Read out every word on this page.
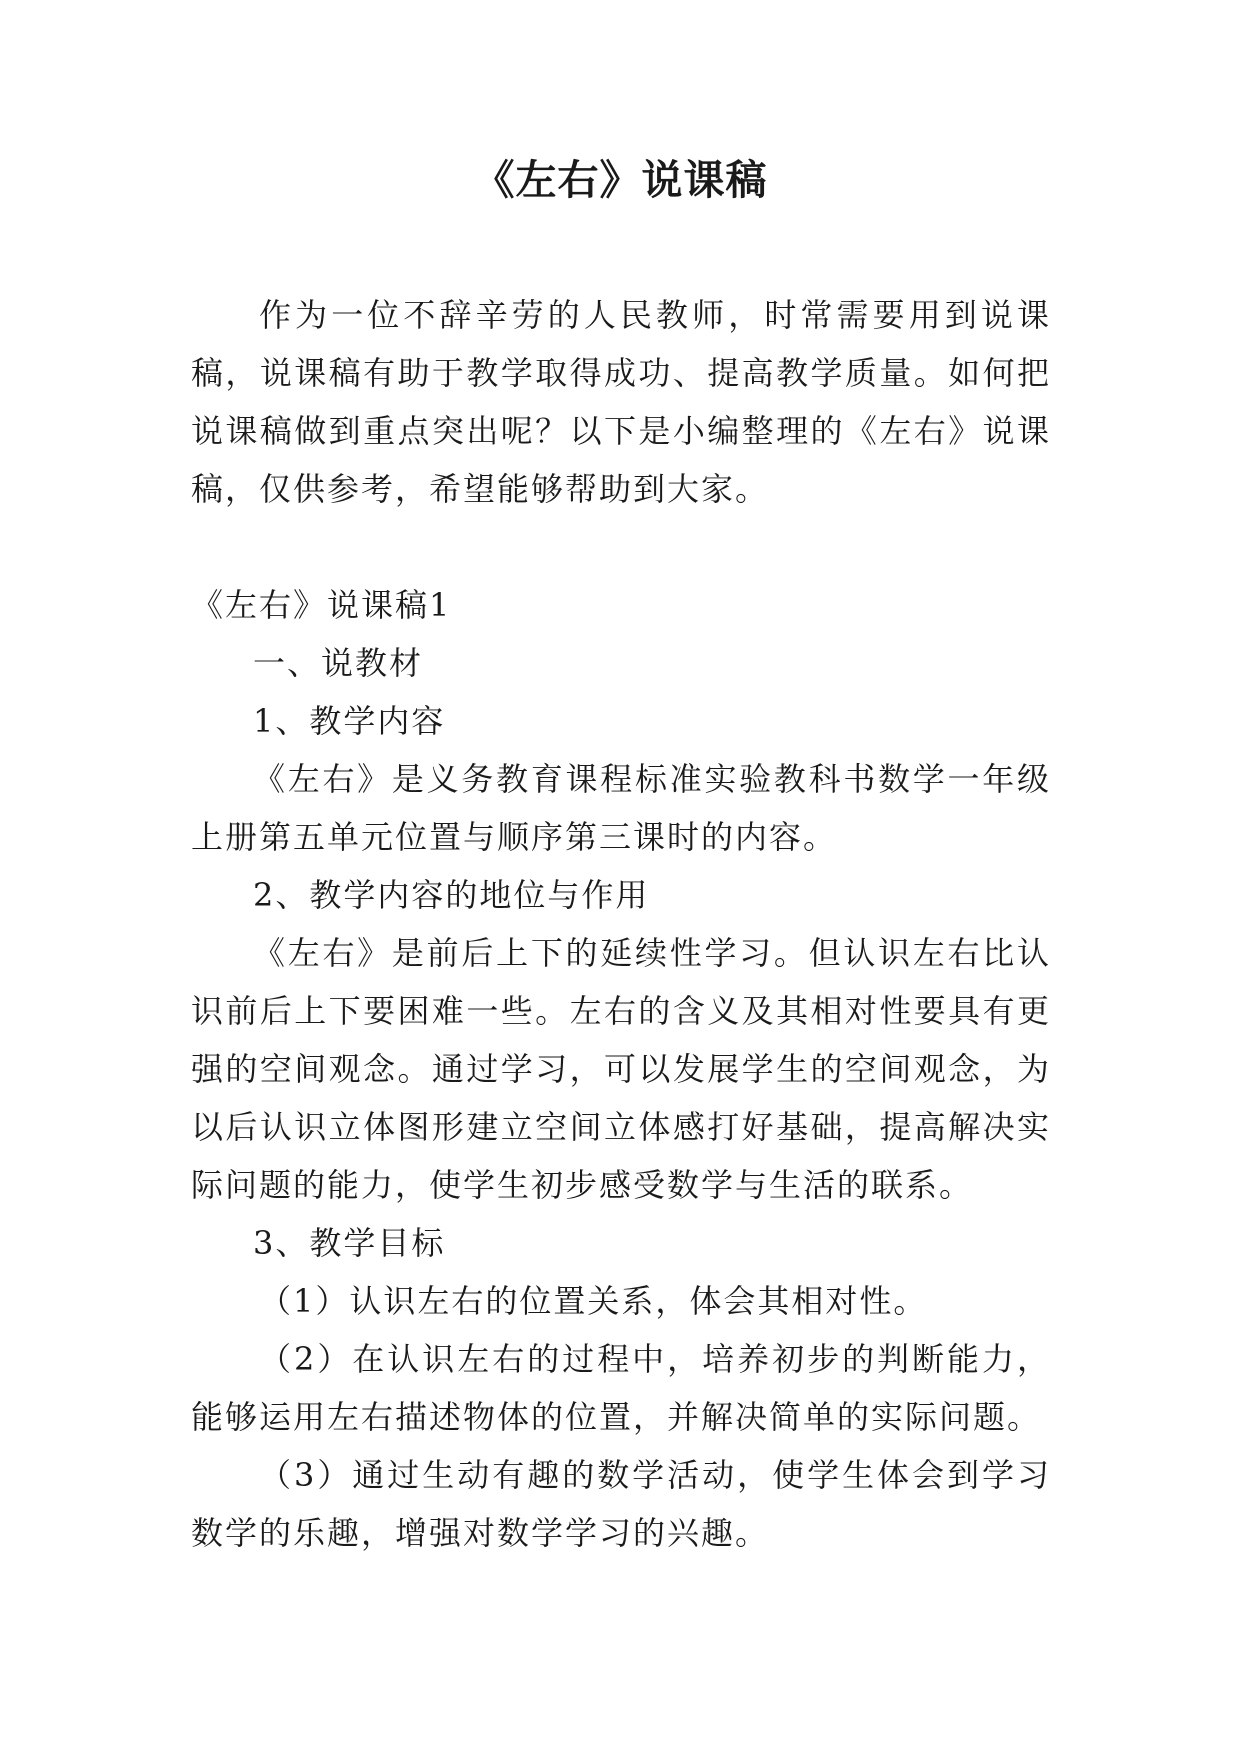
《左右》说课稿

作为一位不辞辛劳的人民教师，时常需要用到说课稿，说课稿有助于教学取得成功、提高教学质量。如何把说课稿做到重点突出呢？以下是小编整理的《左右》说课稿，仅供参考，希望能够帮助到大家。

《左右》说课稿1

一、说教材

1、教学内容

《左右》是义务教育课程标准实验教科书数学一年级上册第五单元位置与顺序第三课时的内容。

2、教学内容的地位与作用

《左右》是前后上下的延续性学习。但认识左右比认识前后上下要困难一些。左右的含义及其相对性要具有更强的空间观念。通过学习，可以发展学生的空间观念，为以后认识立体图形建立空间立体感打好基础，提高解决实际问题的能力，使学生初步感受数学与生活的联系。

3、教学目标

（1）认识左右的位置关系，体会其相对性。

（2）在认识左右的过程中，培养初步的判断能力，能够运用左右描述物体的位置，并解决简单的实际问题。

（3）通过生动有趣的数学活动，使学生体会到学习数学的乐趣，增强对数学学习的兴趣。
